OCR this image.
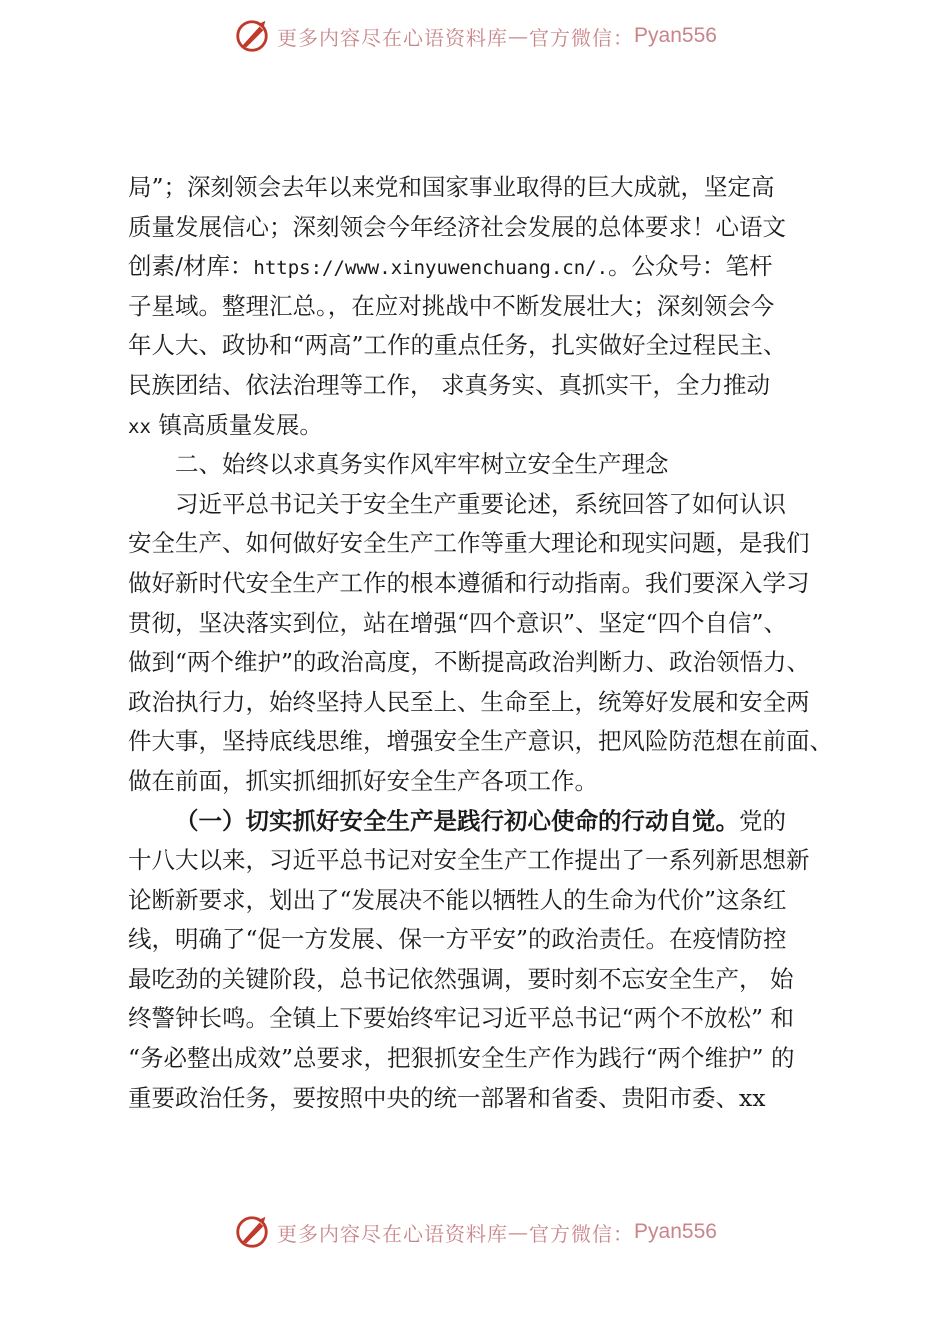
更多内容尽在心语资料库 — 官方微信： Pyan556
局”；深刻领会去年以来党和国家事业取得的巨大成就，坚定高
质量发展信心；深刻领会今年经济社会发展的总体要求！心语文
创素/材库：https://www.xinyuwenchuang.cn/.。公众号：笔杆
子星域。整理汇总。，在应对挑战中不断发展壮大；深刻领会今
年人大、政协和“两高”工作的重点任务，扎实做好全过程民主、
民族团结、依法治理等工作， 求真务实、真抓实干，全力推动
xx 镇高质量发展。
二、始终以求真务实作风牢牢树立安全生产理念
习近平总书记关于安全生产重要论述，系统回答了如何认识
安全生产、如何做好安全生产工作等重大理论和现实问题，是我们
做好新时代安全生产工作的根本遵循和行动指南。我们要深入学习
贯彻，坚决落实到位，站在增强“四个意识”、坚定“四个自信”、
做到“两个维护”的政治高度，不断提高政治判断力、政治领悟力、
政治执行力，始终坚持人民至上、生命至上，统筹好发展和安全两
件大事，坚持底线思维，增强安全生产意识，把风险防范想在前面、
做在前面，抓实抓细抓好安全生产各项工作。
（一）切实抓好安全生产是践行初心使命的行动自觉。党的
十八大以来，习近平总书记对安全生产工作提出了一系列新思想新
论断新要求，划出了“发展决不能以牺牲人的生命为代价”这条红
线，明确了“促一方发展、保一方平安”的政治责任。在疫情防控
最吃劲的关键阶段，总书记依然强调，要时刻不忘安全生产， 始
终警钟长鸣。全镇上下要始终牢记习近平总书记“两个不放松” 和
“务必整出成效”总要求，把狠抓安全生产作为践行“两个维护” 的
重要政治任务，要按照中央的统一部署和省委、贵阳市委、xx
更多内容尽在心语资料库 — 官方微信： Pyan556
